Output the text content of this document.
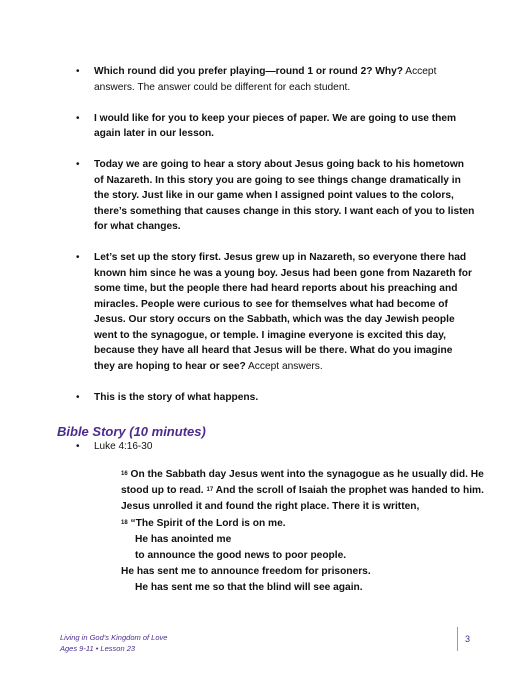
• Which round did you prefer playing—round 1 or round 2? Why? Accept answers. The answer could be different for each student.
• I would like for you to keep your pieces of paper. We are going to use them again later in our lesson.
• Today we are going to hear a story about Jesus going back to his hometown of Nazareth. In this story you are going to see things change dramatically in the story. Just like in our game when I assigned point values to the colors, there’s something that causes change in this story. I want each of you to listen for what changes.
• Let’s set up the story first. Jesus grew up in Nazareth, so everyone there had known him since he was a young boy. Jesus had been gone from Nazareth for some time, but the people there had heard reports about his preaching and miracles. People were curious to see for themselves what had become of Jesus. Our story occurs on the Sabbath, which was the day Jewish people went to the synagogue, or temple. I imagine everyone is excited this day, because they have all heard that Jesus will be there. What do you imagine they are hoping to hear or see? Accept answers.
• This is the story of what happens.
Bible Story (10 minutes)
• Luke 4:16-30
$^{16}$ On the Sabbath day Jesus went into the synagogue as he usually did. He
stood up to read. $^{17}$ And the scroll of Isaiah the prophet was handed to him.
Jesus unrolled it and found the right place. There it is written,
$^{18}$ “The Spirit of the Lord is on me.
He has anointed me
to announce the good news to poor people.
He has sent me to announce freedom for prisoners.
He has sent me so that the blind will see again.
Living in God’s Kingdom of Love
Ages 9-11 • Lesson 23
3
